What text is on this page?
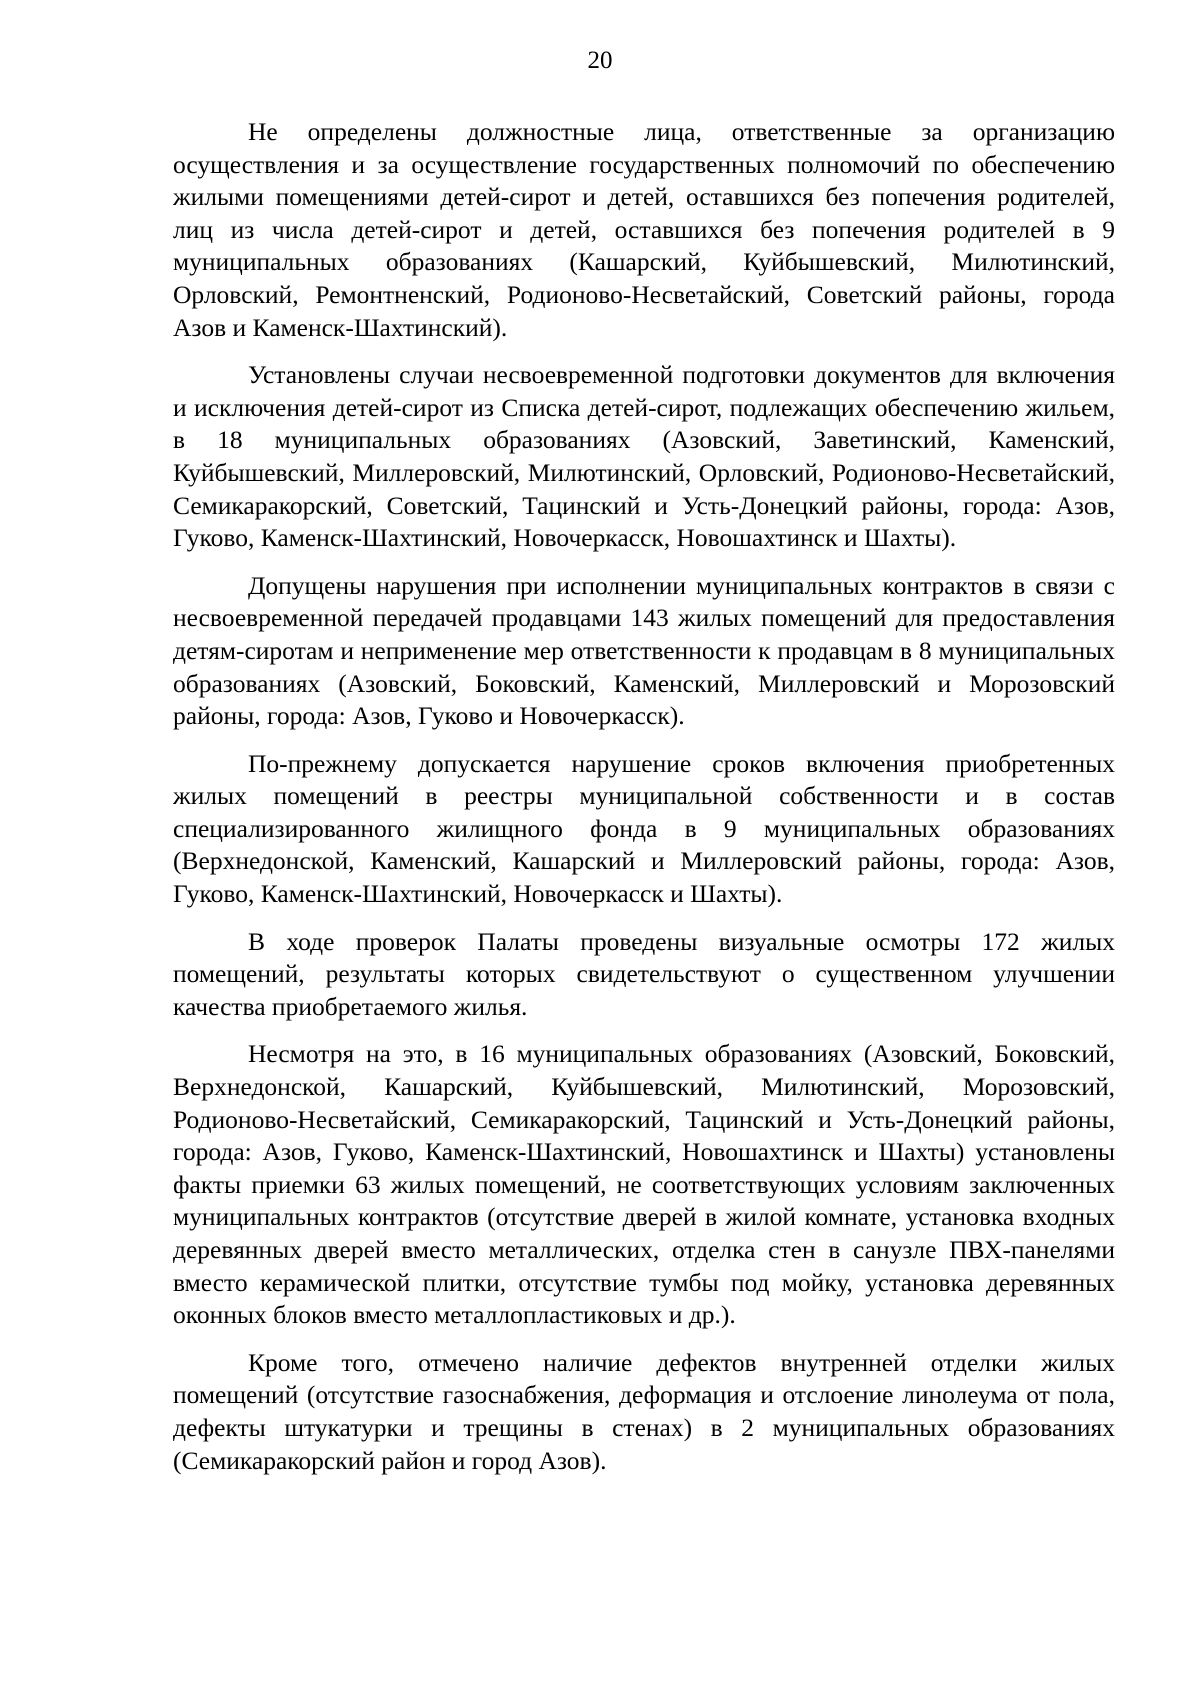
20

Не определены должностные лица, ответственные за организацию осуществления и за осуществление государственных полномочий по обеспечению жилыми помещениями детей-сирот и детей, оставшихся без попечения родителей, лиц из числа детей-сирот и детей, оставшихся без попечения родителей в 9 муниципальных образованиях (Кашарский, Куйбышевский, Милютинский, Орловский, Ремонтненский, Родионово-Несветайский, Советский районы, города Азов и Каменск-Шахтинский).

Установлены случаи несвоевременной подготовки документов для включения и исключения детей-сирот из Списка детей-сирот, подлежащих обеспечению жильем, в 18 муниципальных образованиях (Азовский, Заветинский, Каменский, Куйбышевский, Миллеровский, Милютинский, Орловский, Родионово-Несветайский, Семикаракорский, Советский, Тацинский и Усть-Донецкий районы, города: Азов, Гуково, Каменск-Шахтинский, Новочеркасск, Новошахтинск и Шахты).

Допущены нарушения при исполнении муниципальных контрактов в связи с несвоевременной передачей продавцами 143 жилых помещений для предоставления детям-сиротам и неприменение мер ответственности к продавцам в 8 муниципальных образованиях (Азовский, Боковский, Каменский, Миллеровский и Морозовский районы, города: Азов, Гуково и Новочеркасск).

По-прежнему допускается нарушение сроков включения приобретенных жилых помещений в реестры муниципальной собственности и в состав специализированного жилищного фонда в 9 муниципальных образованиях (Верхнедонской, Каменский, Кашарский и Миллеровский районы, города: Азов, Гуково, Каменск-Шахтинский, Новочеркасск и Шахты).

В ходе проверок Палаты проведены визуальные осмотры 172 жилых помещений, результаты которых свидетельствуют о существенном улучшении качества приобретаемого жилья.

Несмотря на это, в 16 муниципальных образованиях (Азовский, Боковский, Верхнедонской, Кашарский, Куйбышевский, Милютинский, Морозовский, Родионово-Несветайский, Семикаракорский, Тацинский и Усть-Донецкий районы, города: Азов, Гуково, Каменск-Шахтинский, Новошахтинск и Шахты) установлены факты приемки 63 жилых помещений, не соответствующих условиям заключенных муниципальных контрактов (отсутствие дверей в жилой комнате, установка входных деревянных дверей вместо металлических, отделка стен в санузле ПВХ-панелями вместо керамической плитки, отсутствие тумбы под мойку, установка деревянных оконных блоков вместо металлопластиковых и др.).

Кроме того, отмечено наличие дефектов внутренней отделки жилых помещений (отсутствие газоснабжения, деформация и отслоение линолеума от пола, дефекты штукатурки и трещины в стенах) в 2 муниципальных образованиях (Семикаракорский район и город Азов).
